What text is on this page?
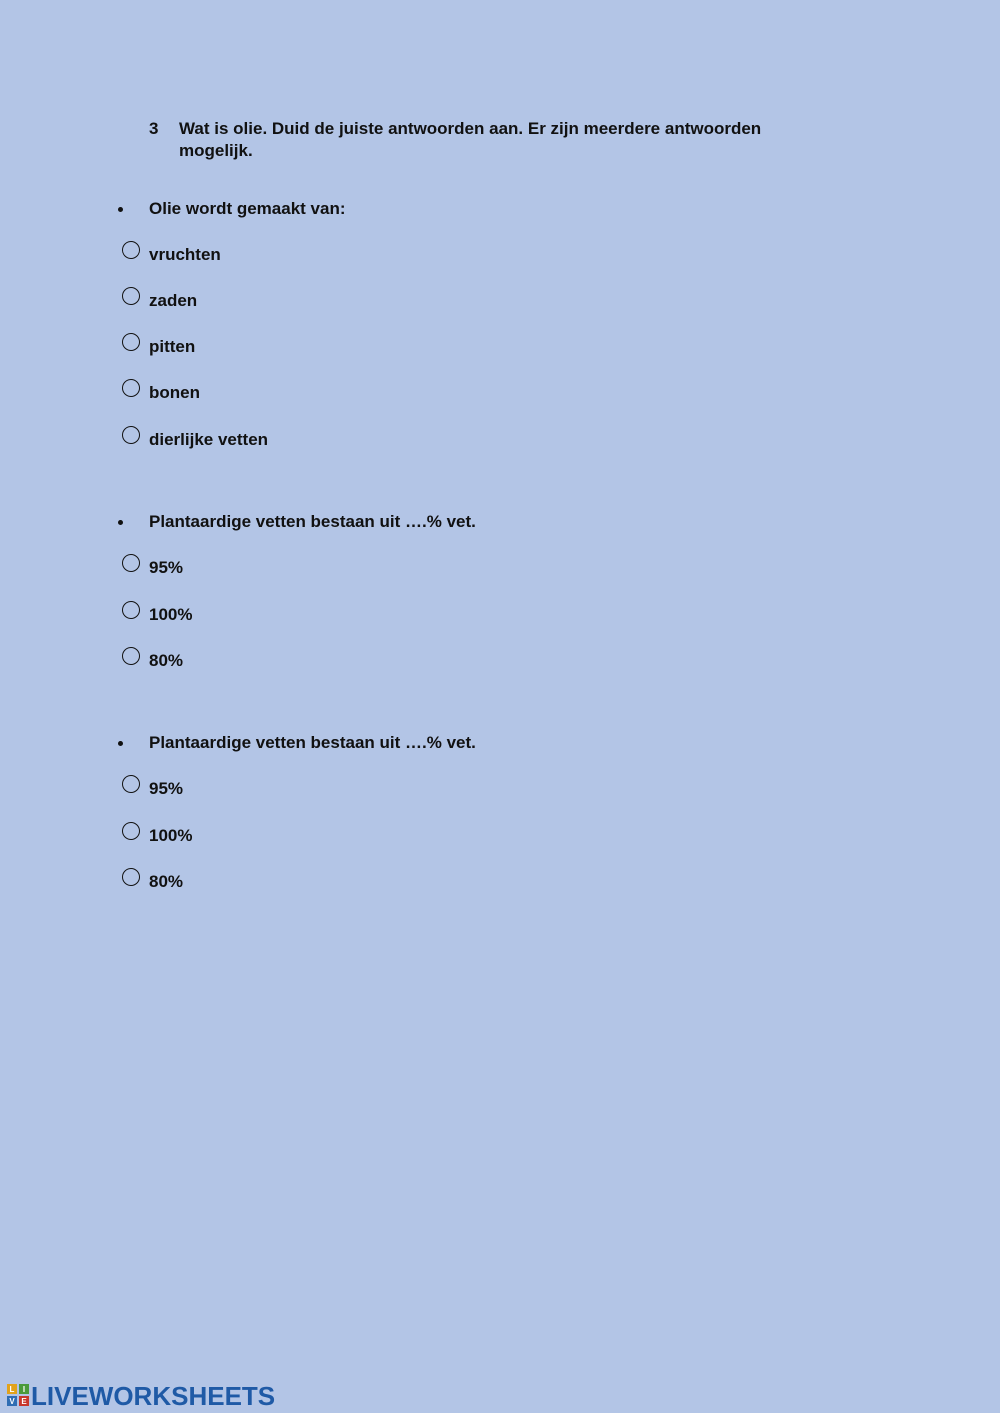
3 Wat is olie. Duid de juiste antwoorden aan. Er zijn meerdere antwoorden mogelijk.
Olie wordt gemaakt van:
vruchten
zaden
pitten
bonen
dierlijke vetten
Plantaardige vetten bestaan uit ….% vet.
95%
100%
80%
Plantaardige vetten bestaan uit ….% vet.
95%
100%
80%
L I
V E LIVEWORKSHEETS
